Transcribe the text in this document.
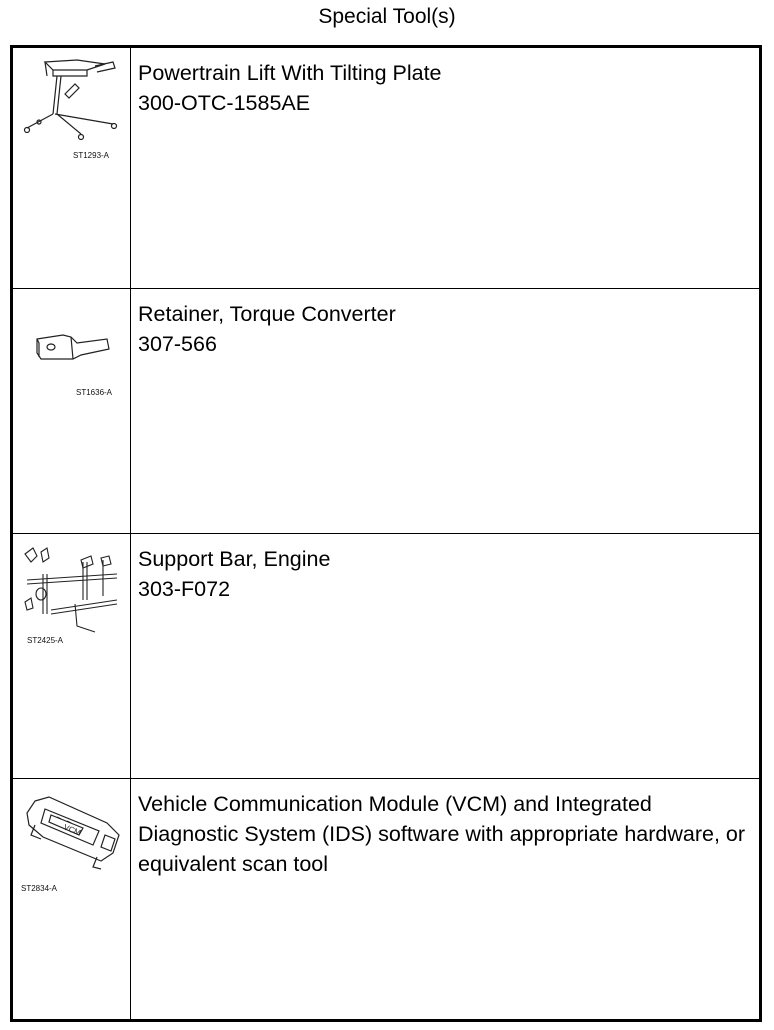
Special Tool(s)
ST1293-A
Powertrain Lift With Tilting Plate
300-OTC-1585AE
ST1636-A
Retainer, Torque Converter
307-566
ST2425-A
Support Bar, Engine
303-F072
VCM
ST2834-A
Vehicle Communication Module (VCM) and Integrated Diagnostic System (IDS) software with appropriate hardware, or equivalent scan tool
